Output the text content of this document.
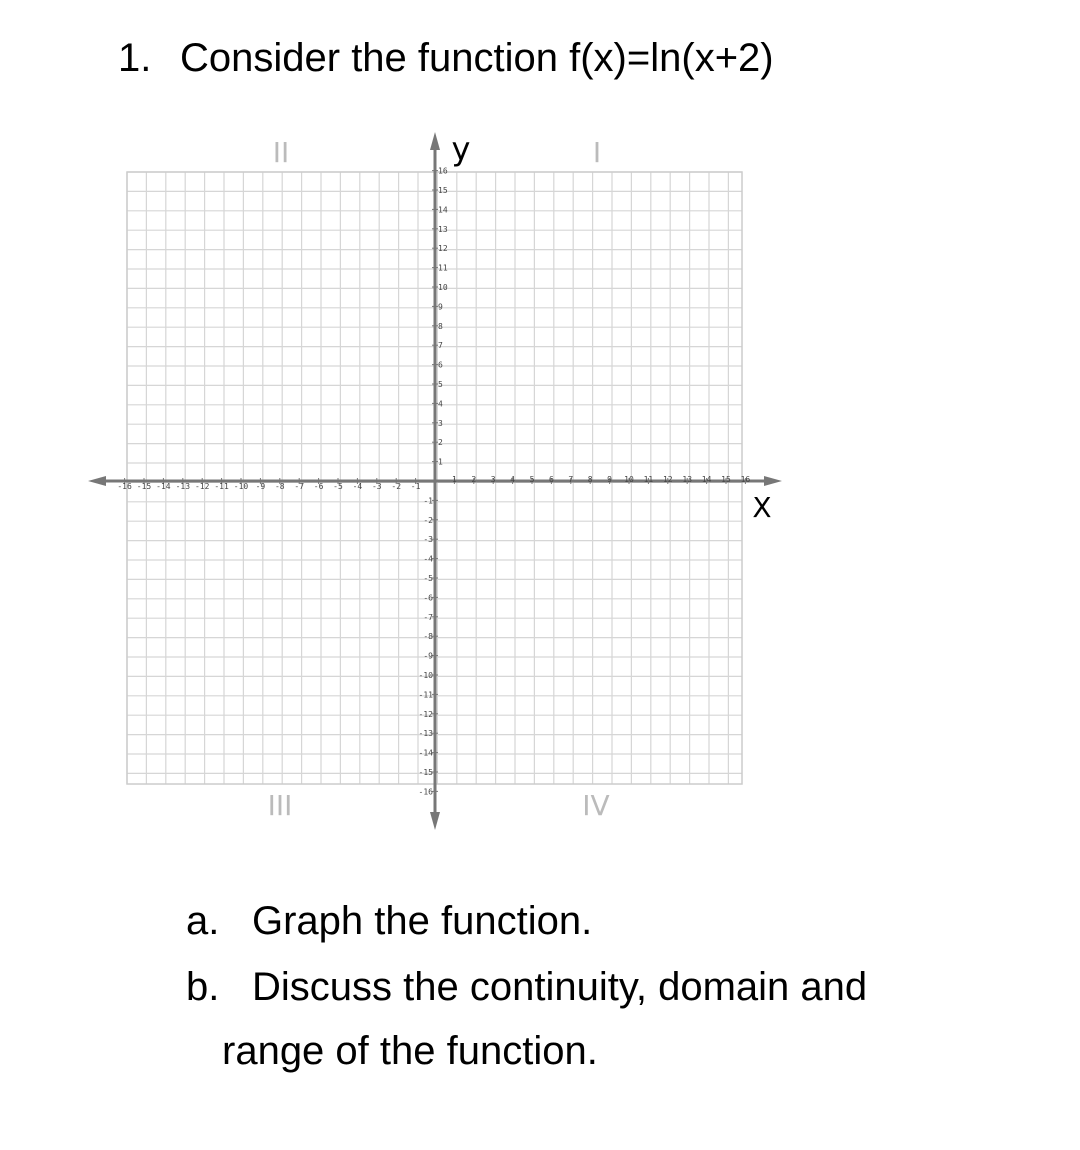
1. Consider the function f(x)=ln(x+2)
-16 -15 -14 -13 -12 -11 -10 -9 -8 -7 -6 -5 -4 -3 -2 -1
1 2 3 4 5 6 7 8 9 10 11 12 13 14 15 16
1
2
3
4
5
6
7
8
9
10
11
12
13
14
15
16
-1
-2
-3
-4
-5
-6
-7
-8
-9
-10
-11
-12
-13
-14
-15
-16
X
y
II	I
III	IV
a. Graph the function.
b. Discuss the continuity, domain and
range of the function.
